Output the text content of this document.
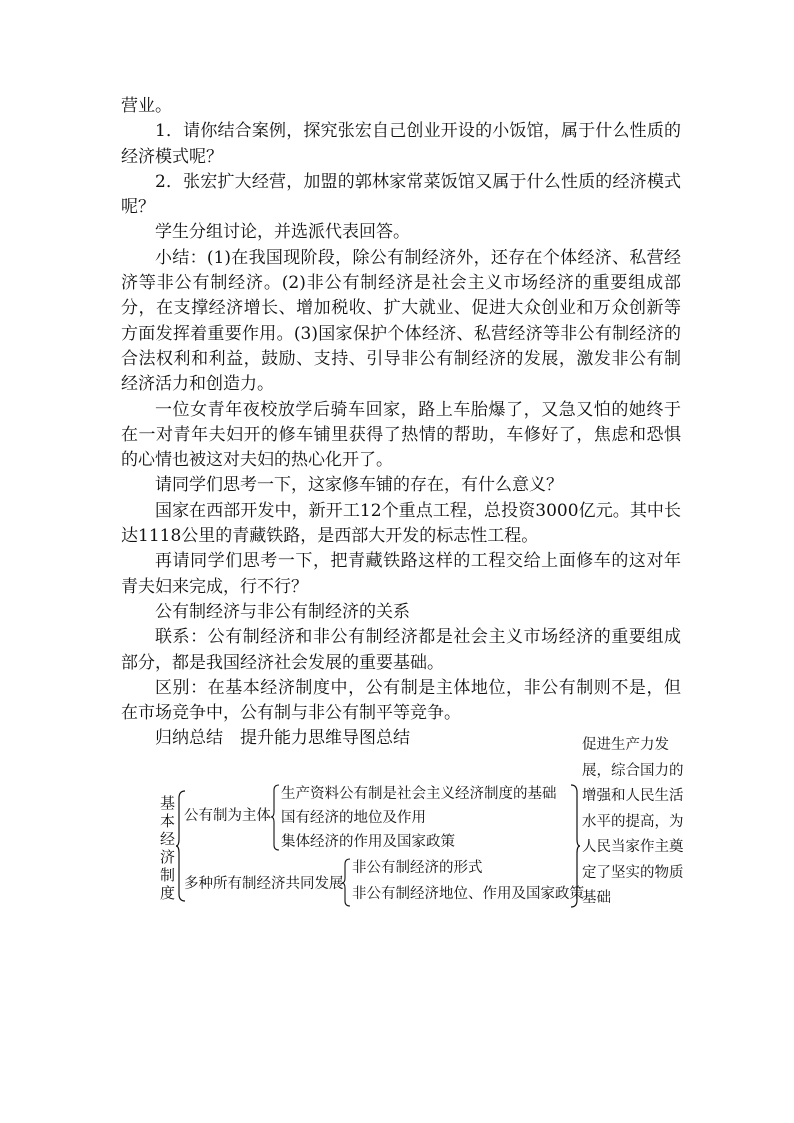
营业。

1．请你结合案例，探究张宏自己创业开设的小饭馆，属于什么性质的经济模式呢？

2．张宏扩大经营，加盟的郭林家常菜饭馆又属于什么性质的经济模式呢？

学生分组讨论，并选派代表回答。

小结：(1)在我国现阶段，除公有制经济外，还存在个体经济、私营经济等非公有制经济。(2)非公有制经济是社会主义市场经济的重要组成部分，在支撑经济增长、增加税收、扩大就业、促进大众创业和万众创新等方面发挥着重要作用。(3)国家保护个体经济、私营经济等非公有制经济的合法权利和利益，鼓励、支持、引导非公有制经济的发展，激发非公有制经济活力和创造力。

一位女青年夜校放学后骑车回家，路上车胎爆了，又急又怕的她终于在一对青年夫妇开的修车铺里获得了热情的帮助，车修好了，焦虑和恐惧的心情也被这对夫妇的热心化开了。

请同学们思考一下，这家修车铺的存在，有什么意义？

国家在西部开发中，新开工12个重点工程，总投资3000亿元。其中长达1118公里的青藏铁路，是西部大开发的标志性工程。

再请同学们思考一下，把青藏铁路这样的工程交给上面修车的这对年青夫妇来完成，行不行？

公有制经济与非公有制经济的关系

联系：公有制经济和非公有制经济都是社会主义市场经济的重要组成部分，都是我国经济社会发展的重要基础。

区别：在基本经济制度中，公有制是主体地位，非公有制则不是，但在市场竞争中，公有制与非公有制平等竞争。

归纳总结　提升能力思维导图总结

基
本
经
济
制
度
公有制为主体
生产资料公有制是社会主义经济制度的基础
国有经济的地位及作用
集体经济的作用及国家政策
多种所有制经济共同发展
非公有制经济的形式
非公有制经济地位、作用及国家政策
促进生产力发展，综合国力的增强和人民生活水平的提高，为人民当家作主奠定了坚实的物质基础
